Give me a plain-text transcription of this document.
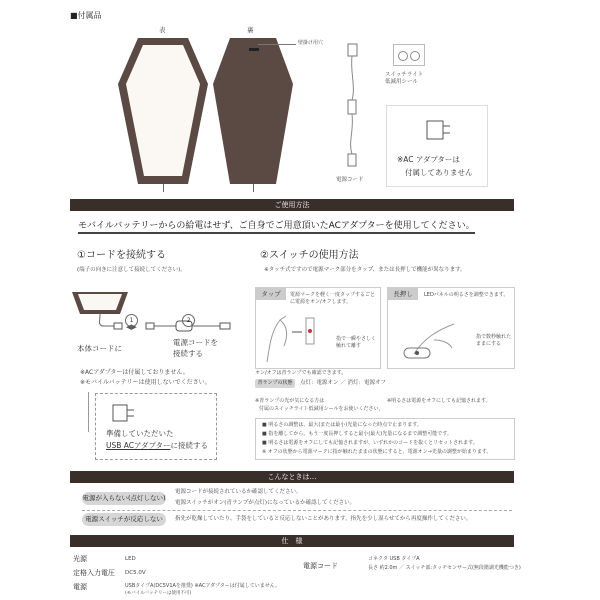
■付属品
表	裏
壁掛け用穴
電源コード
スイッチライト
低減用シール
※AC アダプターは
付属してありません
ご使用方法
モバイルバッテリーからの給電はせず、ご自身でご用意頂いたACアダプターを使用してください。
①コードを接続する
(端子の向きに注意して接続してください)。
◀▶
1	2
本体コードに
電源コードを
接続する
※ACアダプターは付属しておりません。
※モバイルバッテリーは使用しないでください。
準備していただいた
USB ACアダプターに接続する
②スイッチの使用方法
※タッチ式ですので電源マーク部分をタップ、または長押しで機能が異なります。
タップ	電源マークを軽く一度タップするごとに電源をオン/オフします。
指で一瞬やさしく触れて離す
長押し	LEDパネルの明るさを調整できます。
指で数秒触れたままにする
オン/オフは青ランプでも確認できます。
青ランプの状態	点灯：電源オン ／ 消灯：電源オフ
※青ランプの光が気になる方は
付属のスイッチライト低減用シールをお使いください。
※明るさは電源をオフにしても記憶されます。
■ 明るさの調整は、最大(または最小)光量になった時点で止まります。
■ 指を離してから、もう一度長押しすると最小(最大)光量になるまで調整可能です。
■ 明るさは電源をオフにしても記憶されますが、いずれかのコードを抜くとリセットされます。
※ オフの状態から電源マークに指が触れたままの状態にすると、電源オン→光量の調整が始まります。
こんなときは…
電源が入らない(点灯しない)
電源コードが接続されているか確認してください。
電源スイッチがオン(青ランプが点灯)になっているか確認してください。
電源スイッチが反応しない	指先が乾燥していたり、手袋をしていると反応しないことがあります。指先を少し湿らせてから再度操作してください。
仕　様
光源	LED
定格入力電圧 DC5.0V
電源	USBタイプA(DC5V1Aを推奨) ※ACアダプターは付属していません。
(モバイルバッテリーは使用不可)
電源コード
コネクタ USB タイプA
長さ 約2.0m ／ スイッチ部:タッチセンサー式(無段階調光機能つき)
